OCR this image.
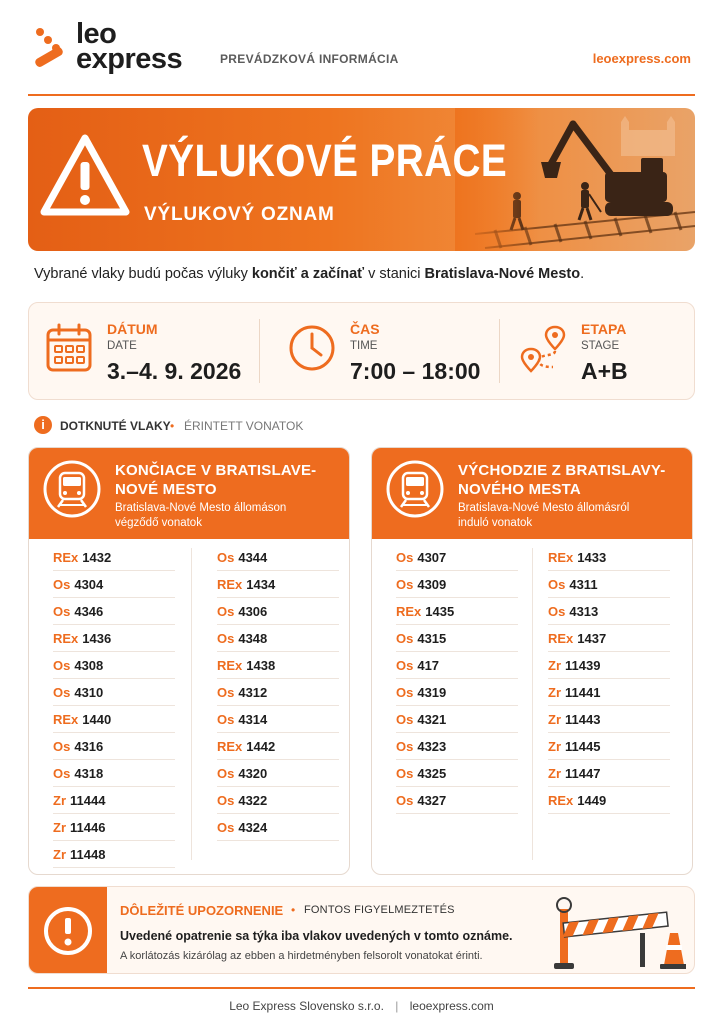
leo
express	PREVÁDZKOVÁ INFORMÁCIA	leoexpress.com
VÝLUKOVÉ PRÁCE
VÝLUKOVÝ OZNAM
Vybrané vlaky budú počas výluky končiť a začínať v stanici Bratislava-Nové Mesto.
DÁTUM
DATE
3.–4. 9. 2026
ČAS
TIME
7:00 – 18:00
ETAPA
STAGE
A+B
i	DOTKNUTÉ VLAKY • ÉRINTETT VONATOK
KONČIACE V BRATISLAVE-
NOVÉ MESTO
Bratislava-Nové Mesto állomáson
végződő vonatok
REx 1432
Os 4304
Os 4346
REx 1436
Os 4308
Os 4310
REx 1440
Os 4316
Os 4318
Zr 11444
Zr 11446
Zr 11448
Os 4344
REx 1434
Os 4306
Os 4348
REx 1438
Os 4312
Os 4314
REx 1442
Os 4320
Os 4322
Os 4324
VÝCHODZIE Z BRATISLAVY-
NOVÉHO MESTA
Bratislava-Nové Mesto állomásról
induló vonatok
Os 4307
Os 4309
REx 1435
Os 4315
Os 417
Os 4319
Os 4321
Os 4323
Os 4325
Os 4327
REx 1433
Os 4311
Os 4313
REx 1437
Zr 11439
Zr 11441
Zr 11443
Zr 11445
Zr 11447
REx 1449
DÔLEŽITÉ UPOZORNENIE • FONTOS FIGYELMEZTETÉS
Uvedené opatrenie sa týka iba vlakov uvedených v tomto oznáme.
A korlátozás kizárólag az ebben a hirdetményben felsorolt vonatokat érinti.
Leo Express Slovensko s.r.o. | leoexpress.com
